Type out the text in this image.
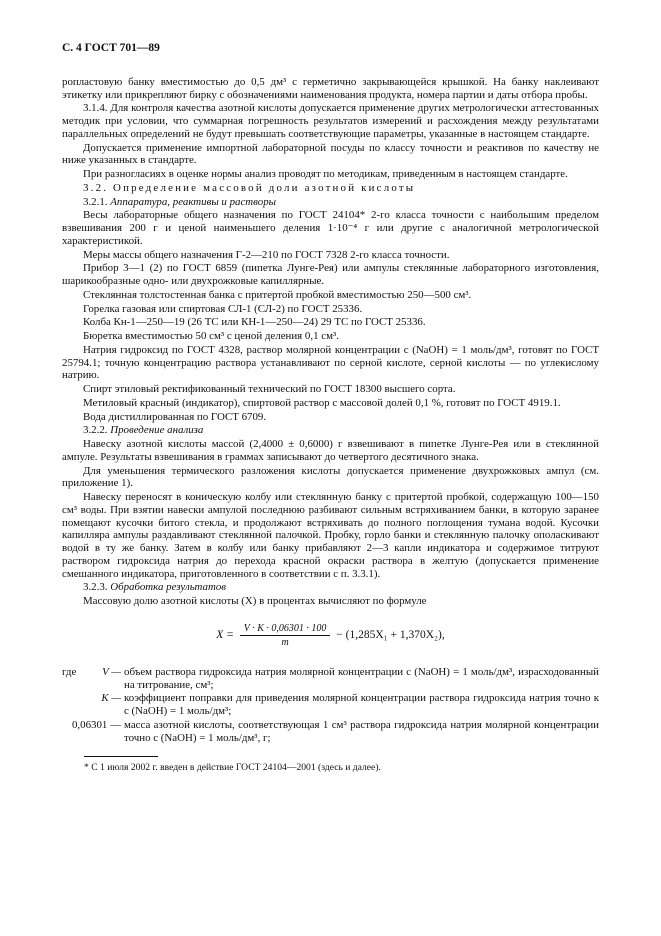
С. 4 ГОСТ 701—89

ропластовую банку вместимостью до 0,5 дм³ с герметично закрывающейся крышкой. На банку наклеивают этикетку или прикрепляют бирку с обозначениями наименования продукта, номера партии и даты отбора пробы.

3.1.4. Для контроля качества азотной кислоты допускается применение других метрологически аттестованных методик при условии, что суммарная погрешность результатов измерений и расхождения между результатами параллельных определений не будут превышать соответствующие параметры, указанные в настоящем стандарте.

Допускается применение импортной лабораторной посуды по классу точности и реактивов по качеству не ниже указанных в стандарте.

При разногласиях в оценке нормы анализ проводят по методикам, приведенным в настоящем стандарте.

3.2. Определение массовой доли азотной кислоты

3.2.1. Аппаратура, реактивы и растворы

Весы лабораторные общего назначения по ГОСТ 24104* 2-го класса точности с наибольшим пределом взвешивания 200 г и ценой наименьшего деления 1·10⁻⁴ г или другие с аналогичной метрологической характеристикой.

Меры массы общего назначения Г-2—210 по ГОСТ 7328 2-го класса точности.

Прибор 3—1 (2) по ГОСТ 6859 (пипетка Лунге-Рея) или ампулы стеклянные лабораторного изготовления, шарикообразные одно- или двухрожковые капиллярные.

Стеклянная толстостенная банка с притертой пробкой вместимостью 250—500 см³.

Горелка газовая или спиртовая СЛ-1 (СЛ-2) по ГОСТ 25336.

Колба Кн-1—250—19 (26 ТС или КН-1—250—24) 29 ТС по ГОСТ 25336.

Бюретка вместимостью 50 см³ с ценой деления 0,1 см³.

Натрия гидроксид по ГОСТ 4328, раствор молярной концентрации c (NaOH) = 1 моль/дм³, готовят по ГОСТ 25794.1; точную концентрацию раствора устанавливают по серной кислоте, серной кислоты — по углекислому натрию.

Спирт этиловый ректификованный технический по ГОСТ 18300 высшего сорта.

Метиловый красный (индикатор), спиртовой раствор с массовой долей 0,1 %, готовят по ГОСТ 4919.1.

Вода дистиллированная по ГОСТ 6709.

3.2.2. Проведение анализа

Навеску азотной кислоты массой (2,4000 ± 0,6000) г взвешивают в пипетке Лунге-Рея или в стеклянной ампуле. Результаты взвешивания в граммах записывают до четвертого десятичного знака.

Для уменьшения термического разложения кислоты допускается применение двухрожковых ампул (см. приложение 1).

Навеску переносят в коническую колбу или стеклянную банку с притертой пробкой, содержащую 100—150 см³ воды. При взятии навески ампулой последнюю разбивают сильным встряхиванием банки, в которую заранее помещают кусочки битого стекла, и продолжают встряхивать до полного поглощения тумана водой. Кусочки капилляра ампулы раздавливают стеклянной палочкой. Пробку, горло банки и стеклянную палочку ополаскивают водой в ту же банку. Затем в колбу или банку прибавляют 2—3 капли индикатора и содержимое титруют раствором гидроксида натрия до перехода красной окраски раствора в желтую (допускается применение смешанного индикатора, приготовленного в соответствии с п. 3.3.1).

3.2.3. Обработка результатов

Массовую долю азотной кислоты (X) в процентах вычисляют по формуле

$X = \frac{V \cdot K \cdot 0,06301 \cdot 100}{m} - (1,285X_1 + 1,370X_2)$,
где V — объем раствора гидроксида натрия молярной концентрации c (NaOH) = 1 моль/дм³, израсходованный на титрование, см³;
K — коэффициент поправки для приведения молярной концентрации раствора гидроксида натрия точно к c (NaOH) = 1 моль/дм³;
0,06301 — масса азотной кислоты, соответствующая 1 см³ раствора гидроксида натрия молярной концентрации точно c (NaOH) = 1 моль/дм³, г;
* С 1 июля 2002 г. введен в действие ГОСТ 24104—2001 (здесь и далее).
